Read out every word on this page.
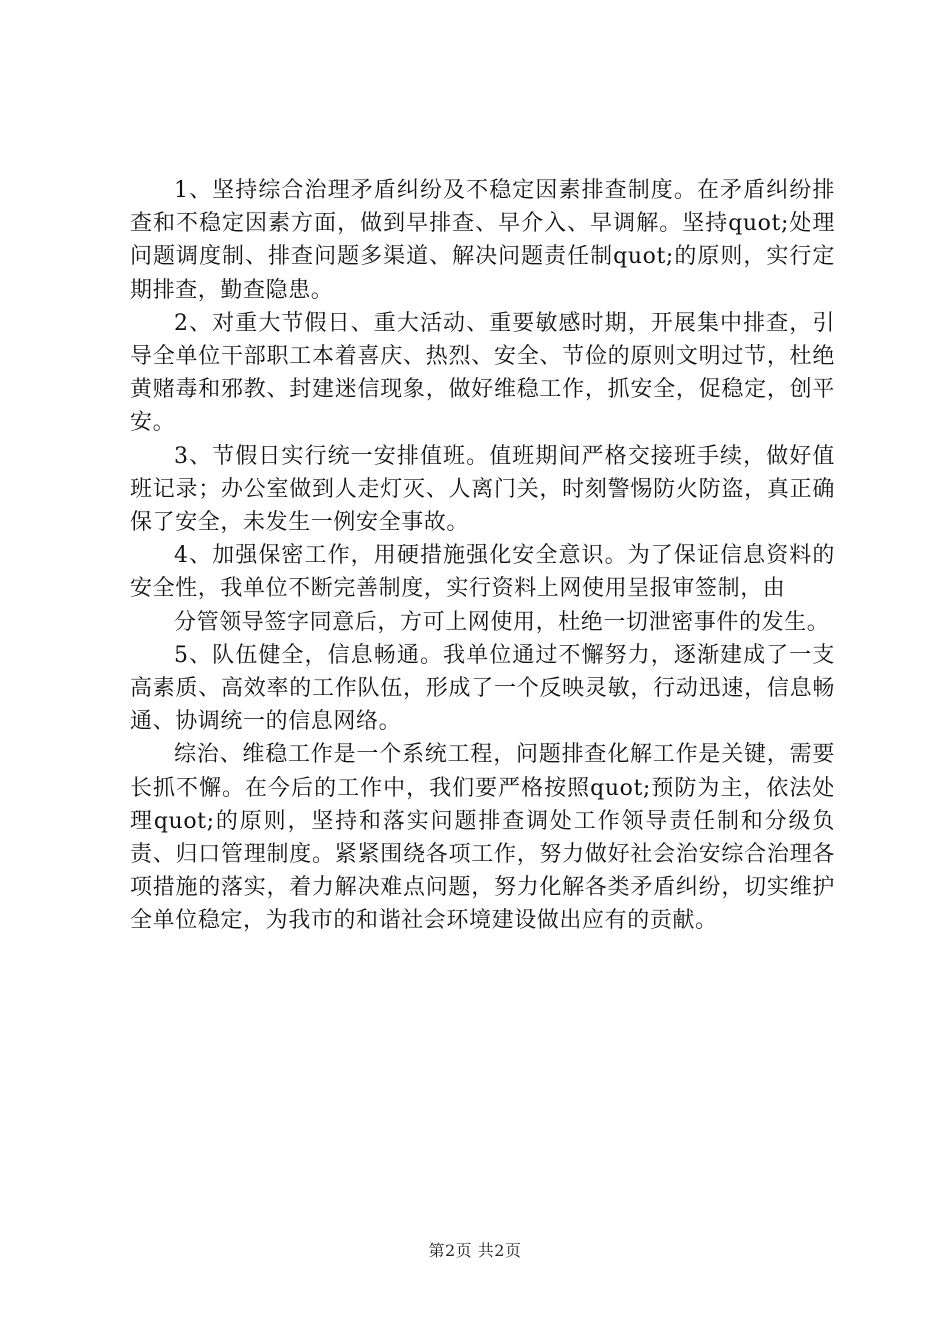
1、坚持综合治理矛盾纠纷及不稳定因素排查制度。在矛盾纠纷排查和不稳定因素方面，做到早排查、早介入、早调解。坚持quot;处理问题调度制、排查问题多渠道、解决问题责任制quot;的原则，实行定期排查，勤查隐患。

2、对重大节假日、重大活动、重要敏感时期，开展集中排查，引导全单位干部职工本着喜庆、热烈、安全、节俭的原则文明过节，杜绝黄赌毒和邪教、封建迷信现象，做好维稳工作，抓安全，促稳定，创平安。

3、节假日实行统一安排值班。值班期间严格交接班手续，做好值班记录；办公室做到人走灯灭、人离门关，时刻警惕防火防盗，真正确保了安全，未发生一例安全事故。

4、加强保密工作，用硬措施强化安全意识。为了保证信息资料的安全性，我单位不断完善制度，实行资料上网使用呈报审签制，由

分管领导签字同意后，方可上网使用，杜绝一切泄密事件的发生。

5、队伍健全，信息畅通。我单位通过不懈努力，逐渐建成了一支高素质、高效率的工作队伍，形成了一个反映灵敏，行动迅速，信息畅通、协调统一的信息网络。

综治、维稳工作是一个系统工程，问题排查化解工作是关键，需要长抓不懈。在今后的工作中，我们要严格按照quot;预防为主，依法处理quot;的原则，坚持和落实问题排查调处工作领导责任制和分级负责、归口管理制度。紧紧围绕各项工作，努力做好社会治安综合治理各项措施的落实，着力解决难点问题，努力化解各类矛盾纠纷，切实维护全单位稳定，为我市的和谐社会环境建设做出应有的贡献。

第2页 共2页
